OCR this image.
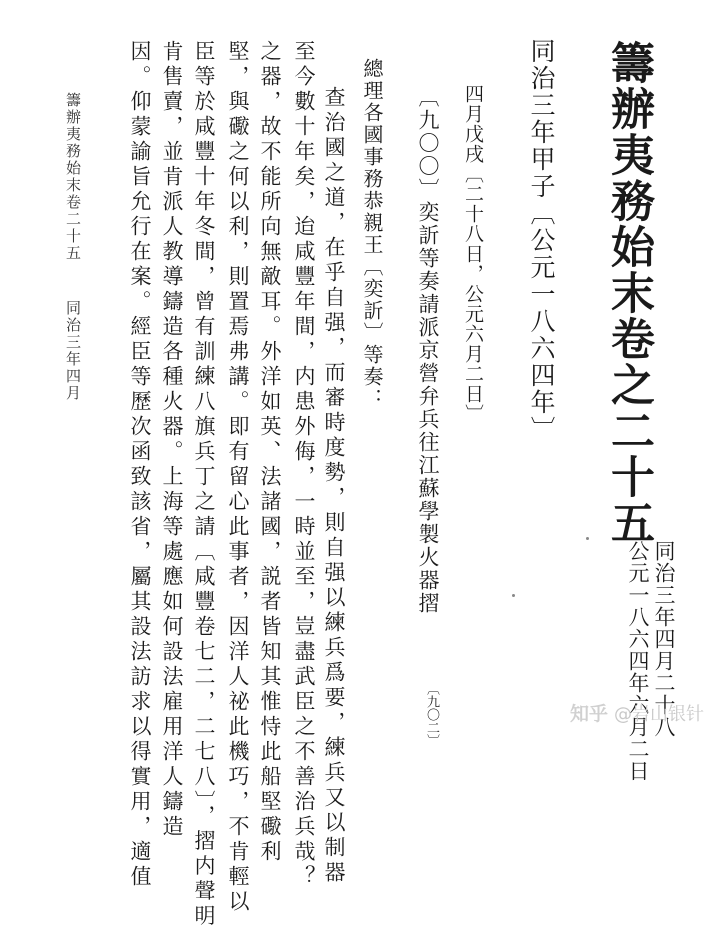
籌辦夷務始末卷之二十五
同治三年四月二十八
公元一八六四年六月二日
同治三年甲子〔公元一八六四年〕
四月戊戌〔二十八日，公元六月二日〕
〔九〇〇〕奕訢等奏請派京營弁兵往江蘇學製火器摺
〔九〇二〕
總理各國事務恭親王〔奕訢〕等奏：
查治國之道，在乎自强，而審時度勢，則自强以練兵爲要，練兵又以制器
至今數十年矣，迨咸豐年間，内患外侮，一時並至，豈盡武臣之不善治兵哉？
之器，故不能所向無敵耳。外洋如英、法諸國，説者皆知其惟恃此船堅礮利
堅，與礮之何以利，則置焉弗講。即有留心此事者，因洋人祕此機巧，不肯輕以
臣等於咸豐十年冬間，曾有訓練八旗兵丁之請〔咸豐卷七二，二七八〕，摺内聲明
肯售賣，並肯派人教導鑄造各種火器。上海等處應如何設法雇用洋人鑄造
因。仰蒙諭旨允行在案。經臣等歷次函致該省，屬其設法訪求以得實用，適值
籌辦夷務始末卷二十五
同治三年四月
知乎 @岩山银针
